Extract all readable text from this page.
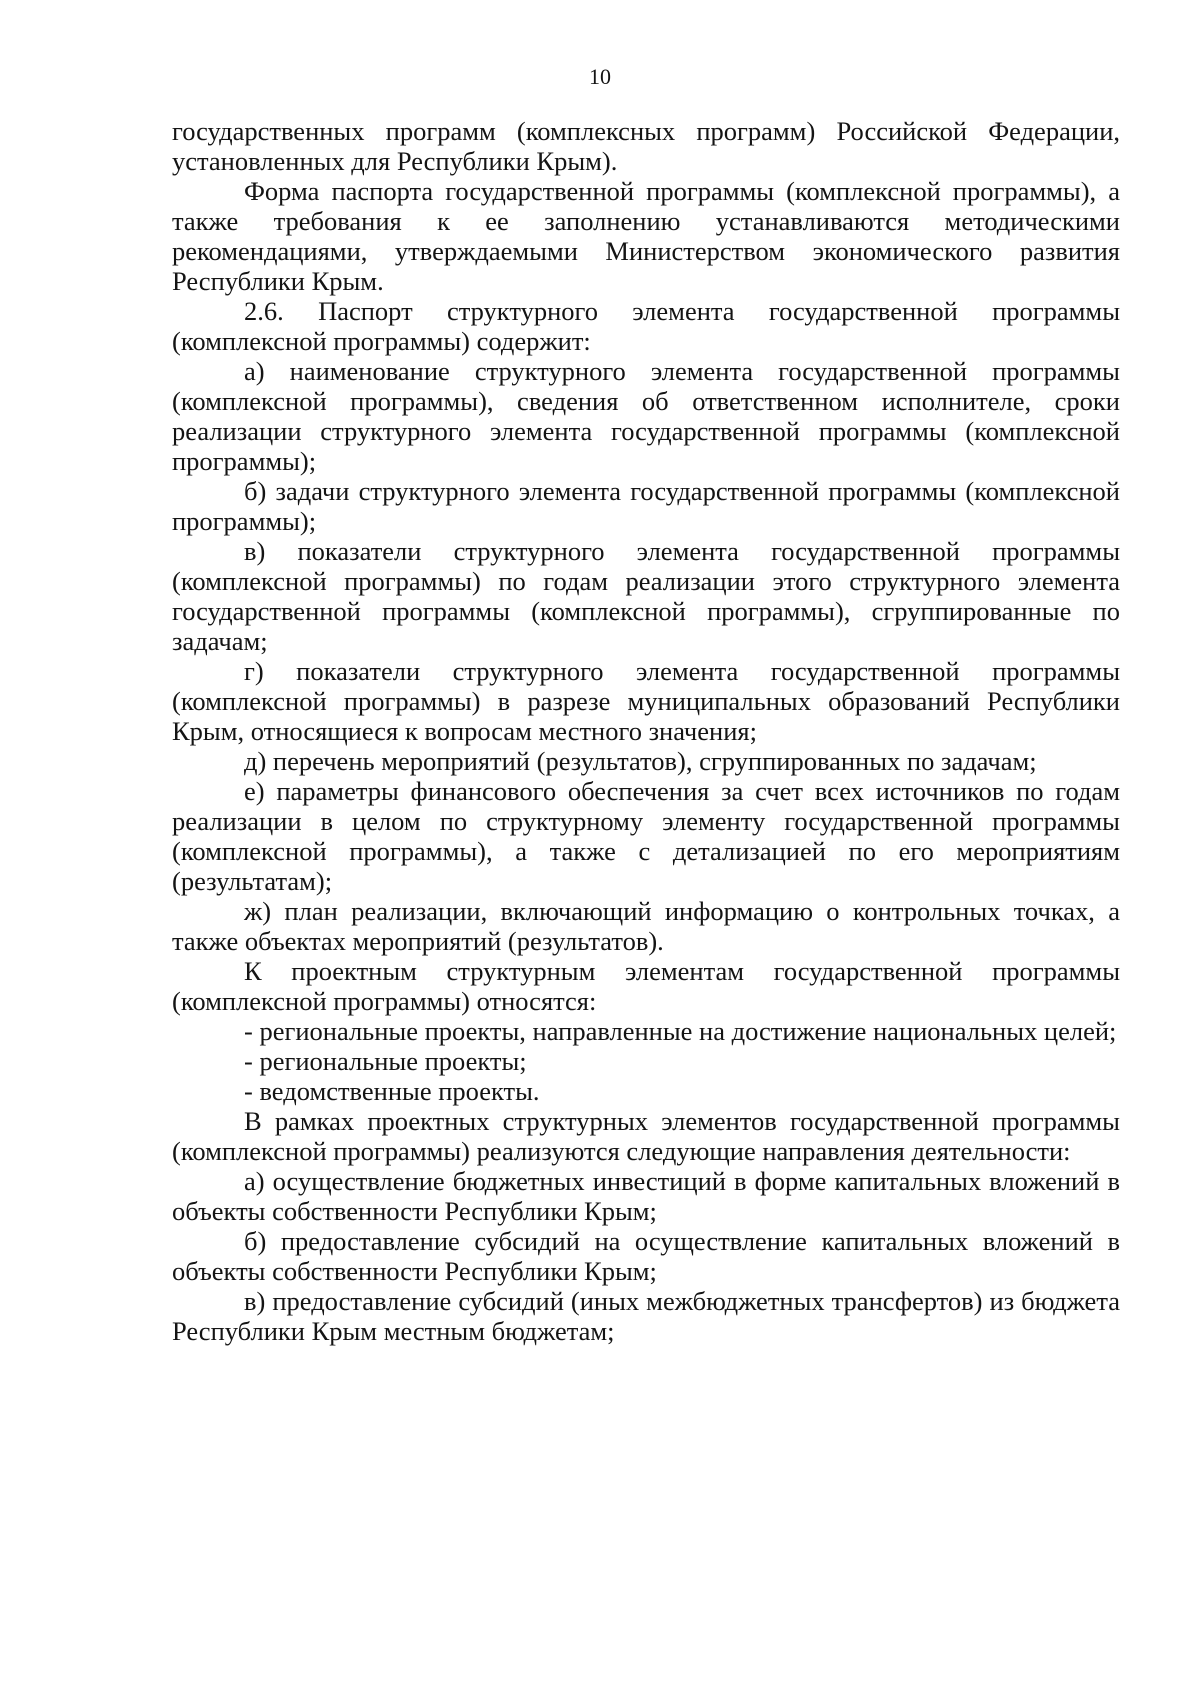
10

государственных программ (комплексных программ) Российской Федерации, установленных для Республики Крым).

Форма паспорта государственной программы (комплексной программы), а также требования к ее заполнению устанавливаются методическими рекомендациями, утверждаемыми Министерством экономического развития Республики Крым.

2.6. Паспорт структурного элемента государственной программы (комплексной программы) содержит:

а) наименование структурного элемента государственной программы (комплексной программы), сведения об ответственном исполнителе, сроки реализации структурного элемента государственной программы (комплексной программы);

б) задачи структурного элемента государственной программы (комплексной программы);

в) показатели структурного элемента государственной программы (комплексной программы) по годам реализации этого структурного элемента государственной программы (комплексной программы), сгруппированные по задачам;

г) показатели структурного элемента государственной программы (комплексной программы) в разрезе муниципальных образований Республики Крым, относящиеся к вопросам местного значения;

д) перечень мероприятий (результатов), сгруппированных по задачам;

е) параметры финансового обеспечения за счет всех источников по годам реализации в целом по структурному элементу государственной программы (комплексной программы), а также с детализацией по его мероприятиям (результатам);

ж) план реализации, включающий информацию о контрольных точках, а также объектах мероприятий (результатов).

К проектным структурным элементам государственной программы (комплексной программы) относятся:

- региональные проекты, направленные на достижение национальных целей;

- региональные проекты;

- ведомственные проекты.

В рамках проектных структурных элементов государственной программы (комплексной программы) реализуются следующие направления деятельности:

а) осуществление бюджетных инвестиций в форме капитальных вложений в объекты собственности Республики Крым;

б) предоставление субсидий на осуществление капитальных вложений в объекты собственности Республики Крым;

в) предоставление субсидий (иных межбюджетных трансфертов) из бюджета Республики Крым местным бюджетам;
